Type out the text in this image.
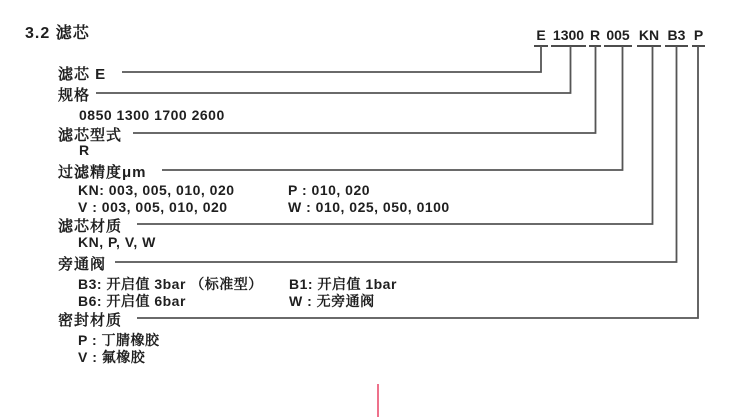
3.2 滤芯	E 1300 R 005 KN B3 P
滤芯 E
规格
滤芯型式
过滤精度μm
滤芯材质
旁通阀
密封材质
0850 1300 1700 2600
R
KN: 003, 005, 010, 020	P : 010, 020
V : 003, 005, 010, 020	W : 010, 025, 050, 0100
KN, P, V, W
B3: 开启值 3bar （标准型） B1: 开启值 1bar
B6: 开启值 6bar	W : 无旁通阀
P : 丁腈橡胶
V : 氟橡胶
